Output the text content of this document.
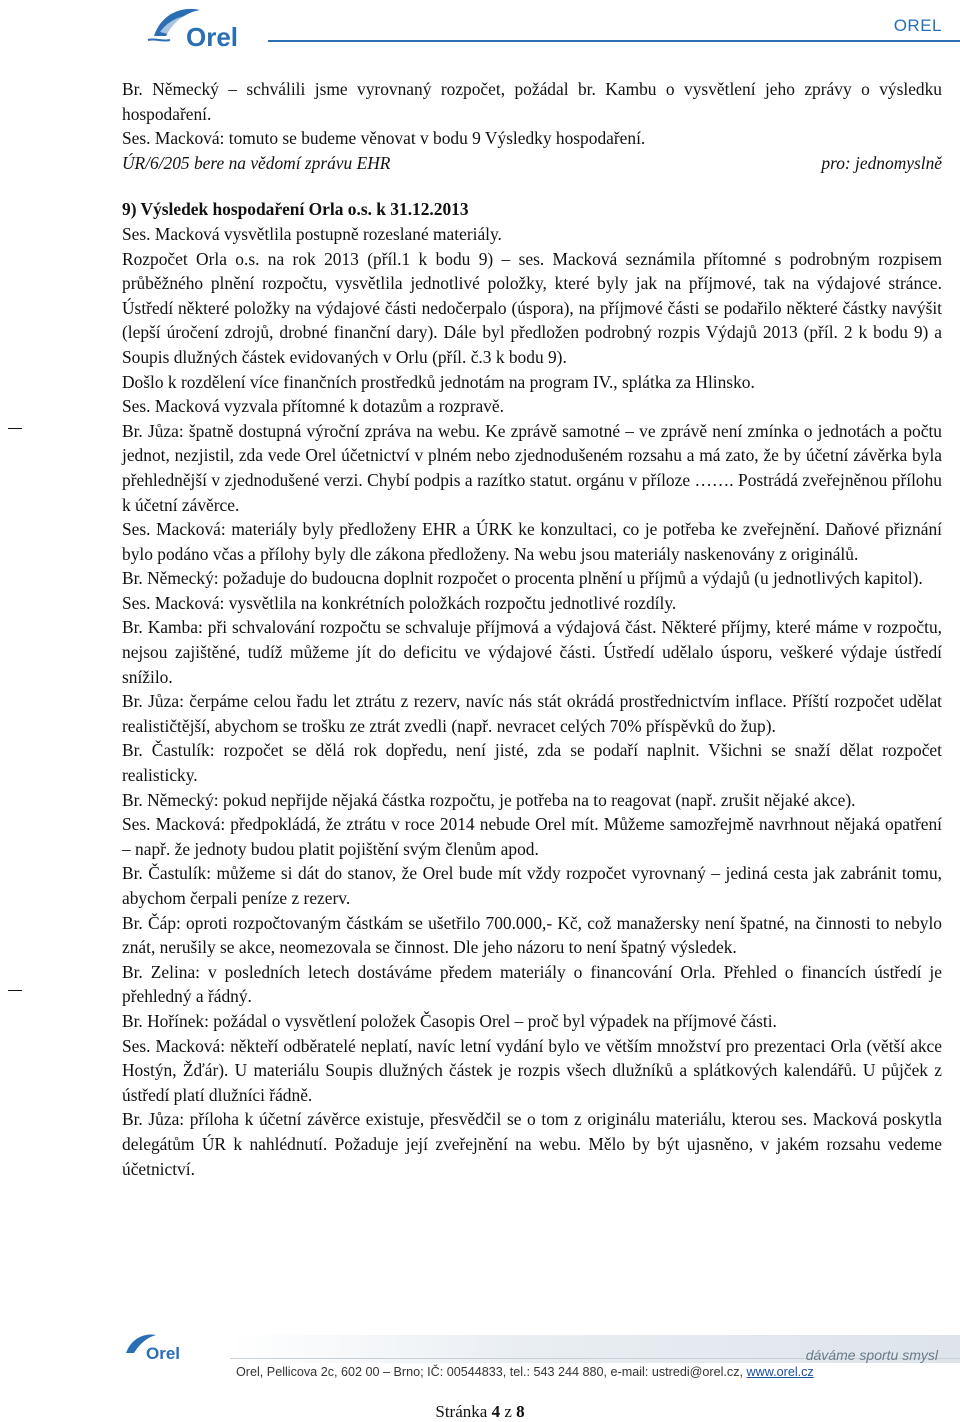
Orel	OREL

Br. Německý – schválili jsme vyrovnaný rozpočet, požádal br. Kambu o vysvětlení jeho zprávy o výsledku hospodaření.

Ses. Macková: tomuto se budeme věnovat v bodu 9 Výsledky hospodaření.

ÚR/6/205 bere na vědomí zprávu EHR	pro: jednomyslně

9) Výsledek hospodaření Orla o.s. k 31.12.2013

Ses. Macková vysvětlila postupně rozeslané materiály.

Rozpočet Orla o.s. na rok 2013 (příl.1 k bodu 9) – ses. Macková seznámila přítomné s podrobným rozpisem průběžného plnění rozpočtu, vysvětlila jednotlivé položky, které byly jak na příjmové, tak na výdajové stránce. Ústředí některé položky na výdajové části nedočerpalo (úspora), na příjmové části se podařilo některé částky navýšit (lepší úročení zdrojů, drobné finanční dary). Dále byl předložen podrobný rozpis Výdajů 2013 (příl. 2 k bodu 9) a Soupis dlužných částek evidovaných v Orlu (příl. č.3 k bodu 9).

Došlo k rozdělení více finančních prostředků jednotám na program IV., splátka za Hlinsko.

Ses. Macková vyzvala přítomné k dotazům a rozpravě.

Br. Jůza: špatně dostupná výroční zpráva na webu. Ke zprávě samotné – ve zprávě není zmínka o jednotách a počtu jednot, nezjistil, zda vede Orel účetnictví v plném nebo zjednodušeném rozsahu a má zato, že by účetní závěrka byla přehlednější v zjednodušené verzi. Chybí podpis a razítko statut. orgánu v příloze ……. Postrádá zveřejněnou přílohu k účetní závěrce.

Ses. Macková: materiály byly předloženy EHR a ÚRK ke konzultaci, co je potřeba ke zveřejnění. Daňové přiznání bylo podáno včas a přílohy byly dle zákona předloženy. Na webu jsou materiály naskenovány z originálů.

Br. Německý: požaduje do budoucna doplnit rozpočet o procenta plnění u příjmů a výdajů (u jednotlivých kapitol).

Ses. Macková: vysvětlila na konkrétních položkách rozpočtu jednotlivé rozdíly.

Br. Kamba: při schvalování rozpočtu se schvaluje příjmová a výdajová část. Některé příjmy, které máme v rozpočtu, nejsou zajištěné, tudíž můžeme jít do deficitu ve výdajové části. Ústředí udělalo úsporu, veškeré výdaje ústředí snížilo.

Br. Jůza: čerpáme celou řadu let ztrátu z rezerv, navíc nás stát okrádá prostřednictvím inflace. Příští rozpočet udělat realističtější, abychom se trošku ze ztrát zvedli (např. nevracet celých 70% příspěvků do žup).

Br. Častulík: rozpočet se dělá rok dopředu, není jisté, zda se podaří naplnit. Všichni se snaží dělat rozpočet realisticky.

Br. Německý: pokud nepřijde nějaká částka rozpočtu, je potřeba na to reagovat (např. zrušit nějaké akce).

Ses. Macková: předpokládá, že ztrátu v roce 2014 nebude Orel mít. Můžeme samozřejmě navrhnout nějaká opatření – např. že jednoty budou platit pojištění svým členům apod.

Br. Častulík: můžeme si dát do stanov, že Orel bude mít vždy rozpočet vyrovnaný – jediná cesta jak zabránit tomu, abychom čerpali peníze z rezerv.

Br. Čáp: oproti rozpočtovaným částkám se ušetřilo 700.000,- Kč, což manažersky není špatné, na činnosti to nebylo znát, nerušily se akce, neomezovala se činnost. Dle jeho názoru to není špatný výsledek.

Br. Zelina: v posledních letech dostáváme předem materiály o financování Orla. Přehled o financích ústředí je přehledný a řádný.

Br. Hořínek: požádal o vysvětlení položek Časopis Orel – proč byl výpadek na příjmové části.

Ses. Macková: někteří odběratelé neplatí, navíc letní vydání bylo ve větším množství pro prezentaci Orla (větší akce Hostýn, Žďár). U materiálu Soupis dlužných částek je rozpis všech dlužníků a splátkových kalendářů. U půjček z ústředí platí dlužníci řádně.

Br. Jůza: příloha k účetní závěrce existuje, přesvědčil se o tom z originálu materiálu, kterou ses. Macková poskytla delegátům ÚR k nahlédnutí. Požaduje její zveřejnění na webu. Mělo by být ujasněno, v jakém rozsahu vedeme účetnictví.

Orel	dáváme sportu smysl
Orel, Pellicova 2c, 602 00 – Brno; IČ: 00544833, tel.: 543 244 880, e-mail: ustredi@orel.cz, www.orel.cz
Stránka 4 z 8
